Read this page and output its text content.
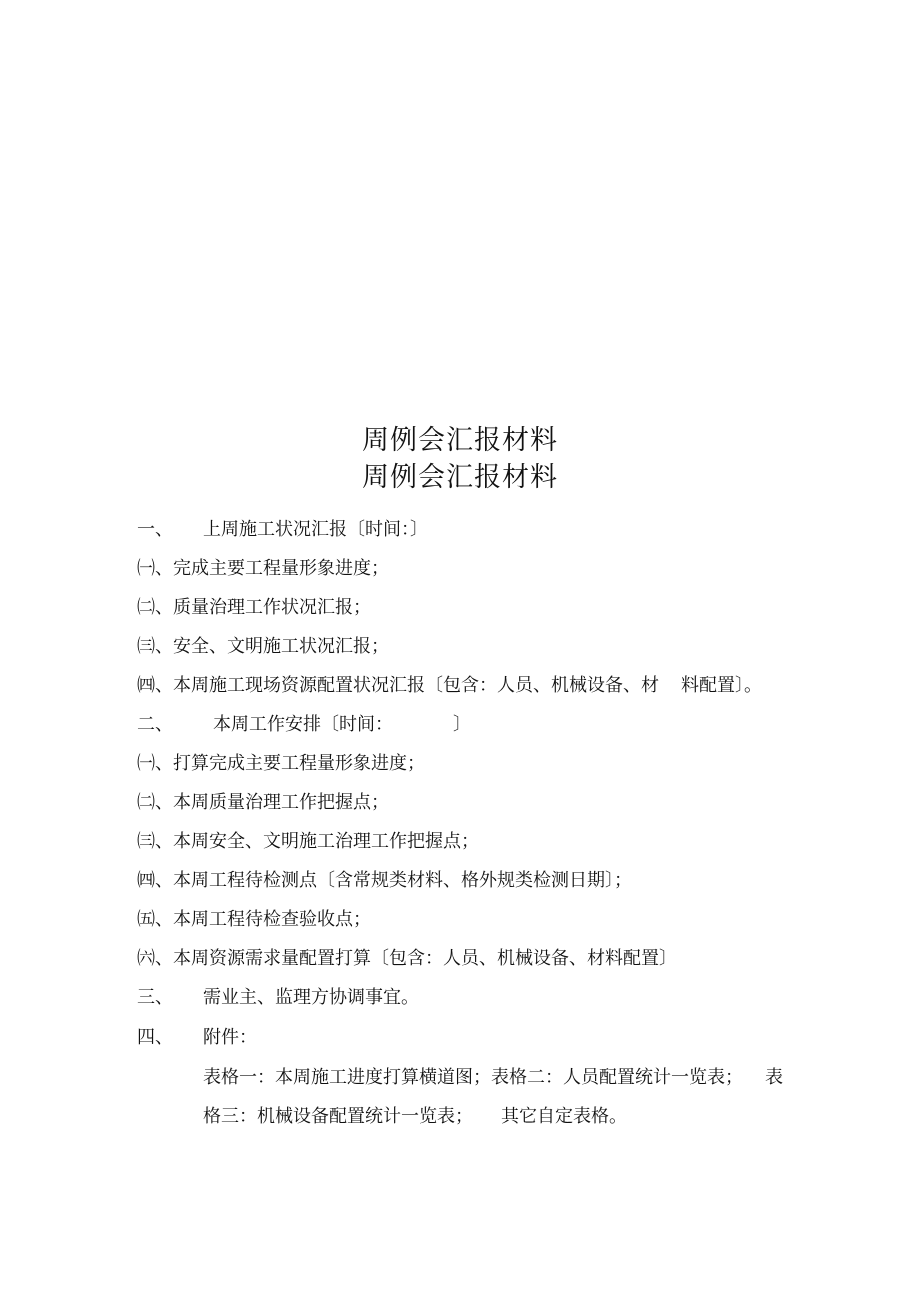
周例会汇报材料
周例会汇报材料
一、 上周施工状况汇报〔时间：〕
㈠、完成主要工程量形象进度；
㈡、质量治理工作状况汇报；
㈢、安全、文明施工状况汇报；
㈣、本周施工现场资源配置状况汇报〔包含：人员、机械设备、材 料配置〕。
二、 本周工作安排〔时间：	〕
㈠、打算完成主要工程量形象进度；
㈡、本周质量治理工作把握点；
㈢、本周安全、文明施工治理工作把握点；
㈣、本周工程待检测点〔含常规类材料、格外规类检测日期〕；
㈤、本周工程待检查验收点；
㈥、本周资源需求量配置打算〔包含：人员、机械设备、材料配置〕
三、 需业主、监理方协调事宜。
四、 附件：
表格一：本周施工进度打算横道图；表格二：人员配置统计一览表； 表
格三：机械设备配置统计一览表； 其它自定表格。
